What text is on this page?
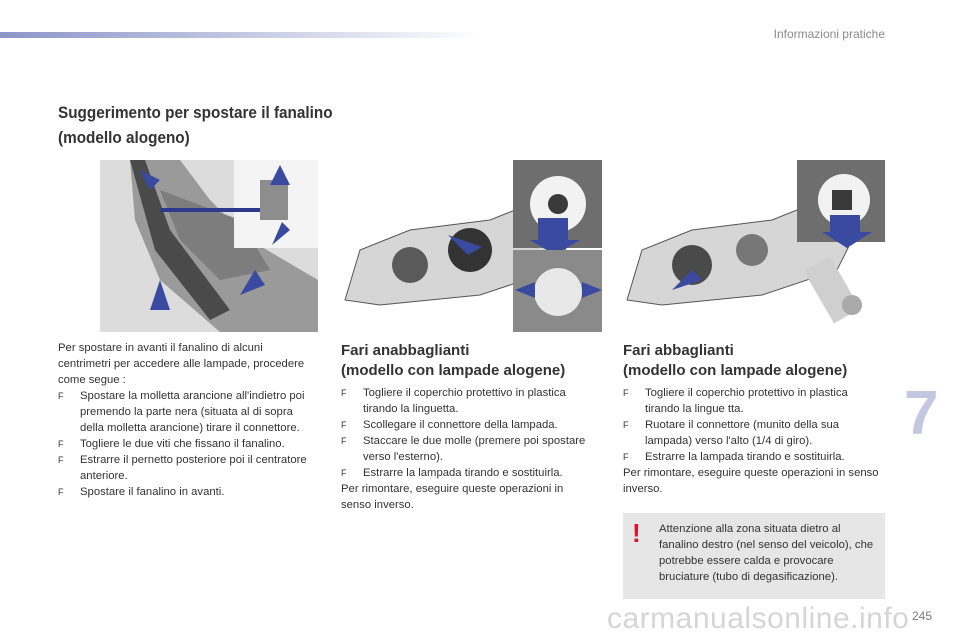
Informazioni pratiche
Suggerimento per spostare il fanalino
(modello alogeno)

Per spostare in avanti il fanalino di alcuni centrimetri per accedere alle lampade, procedere come segue :

F Spostare la molletta arancione all'indietro poi premendo la parte nera (situata al di sopra della molletta arancione) tirare il connettore.
F Togliere le due viti che fissano il fanalino.
F Estrarre il pernetto posteriore poi il centratore anteriore.
F Spostare il fanalino in avanti.
Fari anabbaglianti
(modello con lampade alogene)
F Togliere il coperchio protettivo in plastica tirando la linguetta.
F Scollegare il connettore della lampada.
F Staccare le due molle (premere poi spostare verso l'esterno).
F Estrarre la lampada tirando e sostituirla.

Per rimontare, eseguire queste operazioni in senso inverso.

Fari abbaglianti
(modello con lampade alogene)
F Togliere il coperchio protettivo in plastica tirando la lingue tta.
F Ruotare il connettore (munito della sua lampada) verso l'alto (1/4 di giro).
F Estrarre la lampada tirando e sostituirla.

Per rimontare, eseguire queste operazioni in senso inverso.

! Attenzione alla zona situata dietro al fanalino destro (nel senso del veicolo), che potrebbe essere calda e provocare bruciature (tubo di degasificazione).
7
carmanualsonline.info 245
